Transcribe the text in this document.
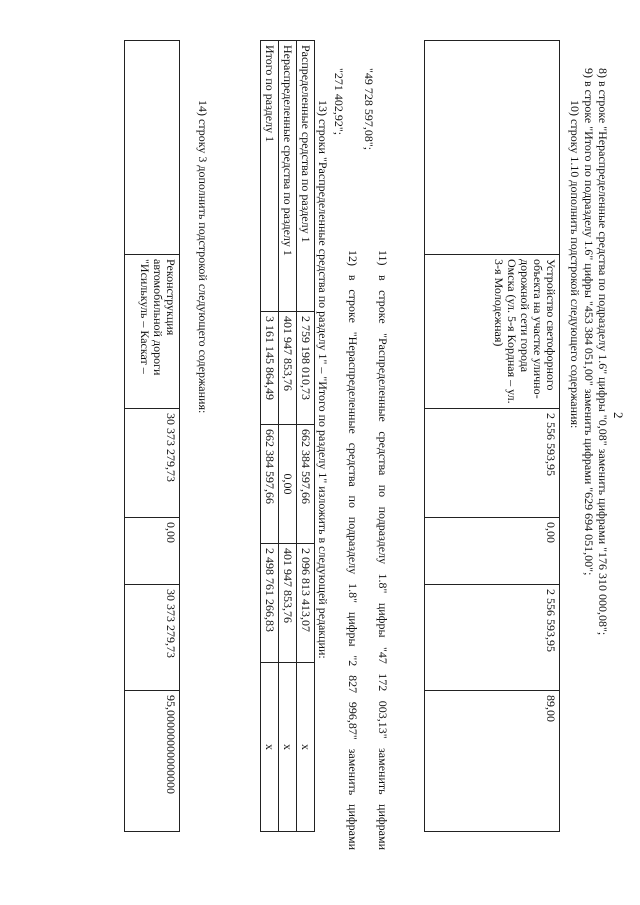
2
8) в строке "Нераспределенные средства по подразделу 1.6" цифры "0,08" заменить цифрами "176 310 000,08";
9) в строке "Итого по подразделу 1.6" цифры "453 384 051,00" заменить цифрами "629 694 051,00";
10) строку 1.10 дополнить подстрокой следующего содержания:
	Устройство светофорного объекта на участке улично-дорожной сети города Омска (ул. 5-я Кордная – ул. 3-я Молодежная)	2 556 593,95	0,00	2 556 593,95	89,00
11) в строке "Распределенные средства по подразделу 1.8" цифры "47 172 003,13" заменить цифрами
"49 728 597,08";
12) в строке "Нераспределенные средства по подразделу 1.8" цифры "2 827 996,87" заменить цифрами
"271 402,92";
13) строки "Распределенные средства по разделу 1" – "Итого по разделу 1" изложить в следующей редакции:
Распределенные средства по разделу 1	2 759 198 010,73	662 384 597,66	2 096 813 413,07	x
Нераспределенные средства по разделу 1	401 947 853,76	0,00	401 947 853,76	x
Итого по разделу 1	3 161 145 864,49	662 384 597,66	2 498 761 266,83	x
14) строку 3 дополнить подстрокой следующего содержания:
	Реконструкция автомобильной дороги "Исилькуль – Каскат –	30 373 279,73	0,00	30 373 279,73	95,00000000000000
